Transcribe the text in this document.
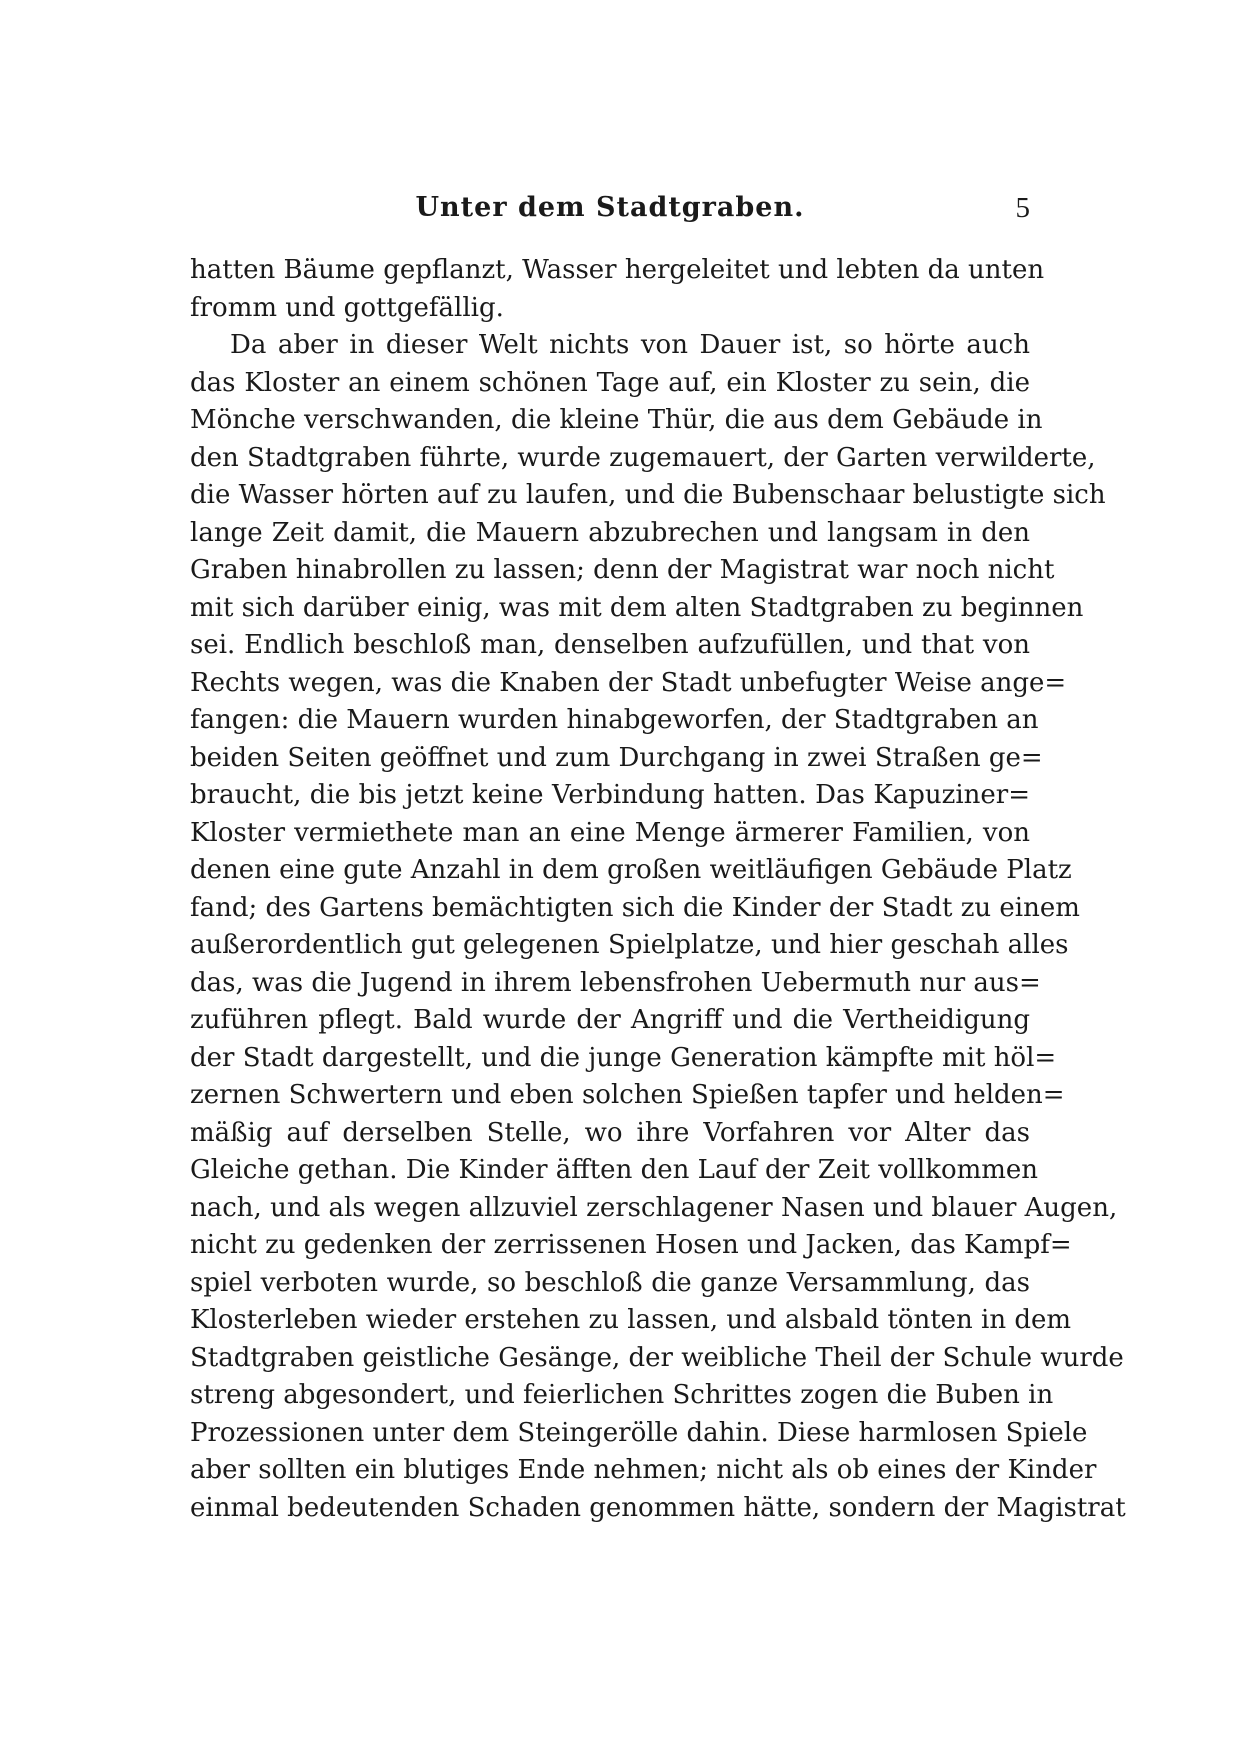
Unter dem Stadtgraben.	5
hatten Bäume gepflanzt, Wasser hergeleitet und lebten da unten
fromm und gottgefällig.
Da aber in dieser Welt nichts von Dauer ist, so hörte auch
das Kloster an einem schönen Tage auf, ein Kloster zu sein, die
Mönche verschwanden, die kleine Thür, die aus dem Gebäude in
den Stadtgraben führte, wurde zugemauert, der Garten verwilderte,
die Wasser hörten auf zu laufen, und die Bubenschaar belustigte sich
lange Zeit damit, die Mauern abzubrechen und langsam in den
Graben hinabrollen zu lassen; denn der Magistrat war noch nicht
mit sich darüber einig, was mit dem alten Stadtgraben zu beginnen
sei. Endlich beschloß man, denselben aufzufüllen, und that von
Rechts wegen, was die Knaben der Stadt unbefugter Weise ange=
fangen: die Mauern wurden hinabgeworfen, der Stadtgraben an
beiden Seiten geöffnet und zum Durchgang in zwei Straßen ge=
braucht, die bis jetzt keine Verbindung hatten. Das Kapuziner=
Kloster vermiethete man an eine Menge ärmerer Familien, von
denen eine gute Anzahl in dem großen weitläufigen Gebäude Platz
fand; des Gartens bemächtigten sich die Kinder der Stadt zu einem
außerordentlich gut gelegenen Spielplatze, und hier geschah alles
das, was die Jugend in ihrem lebensfrohen Uebermuth nur aus=
zuführen pflegt. Bald wurde der Angriff und die Vertheidigung
der Stadt dargestellt, und die junge Generation kämpfte mit höl=
zernen Schwertern und eben solchen Spießen tapfer und helden=
mäßig auf derselben Stelle, wo ihre Vorfahren vor Alter das
Gleiche gethan. Die Kinder äfften den Lauf der Zeit vollkommen
nach, und als wegen allzuviel zerschlagener Nasen und blauer Augen,
nicht zu gedenken der zerrissenen Hosen und Jacken, das Kampf=
spiel verboten wurde, so beschloß die ganze Versammlung, das
Klosterleben wieder erstehen zu lassen, und alsbald tönten in dem
Stadtgraben geistliche Gesänge, der weibliche Theil der Schule wurde
streng abgesondert, und feierlichen Schrittes zogen die Buben in
Prozessionen unter dem Steingerölle dahin. Diese harmlosen Spiele
aber sollten ein blutiges Ende nehmen; nicht als ob eines der Kinder
einmal bedeutenden Schaden genommen hätte, sondern der Magistrat
